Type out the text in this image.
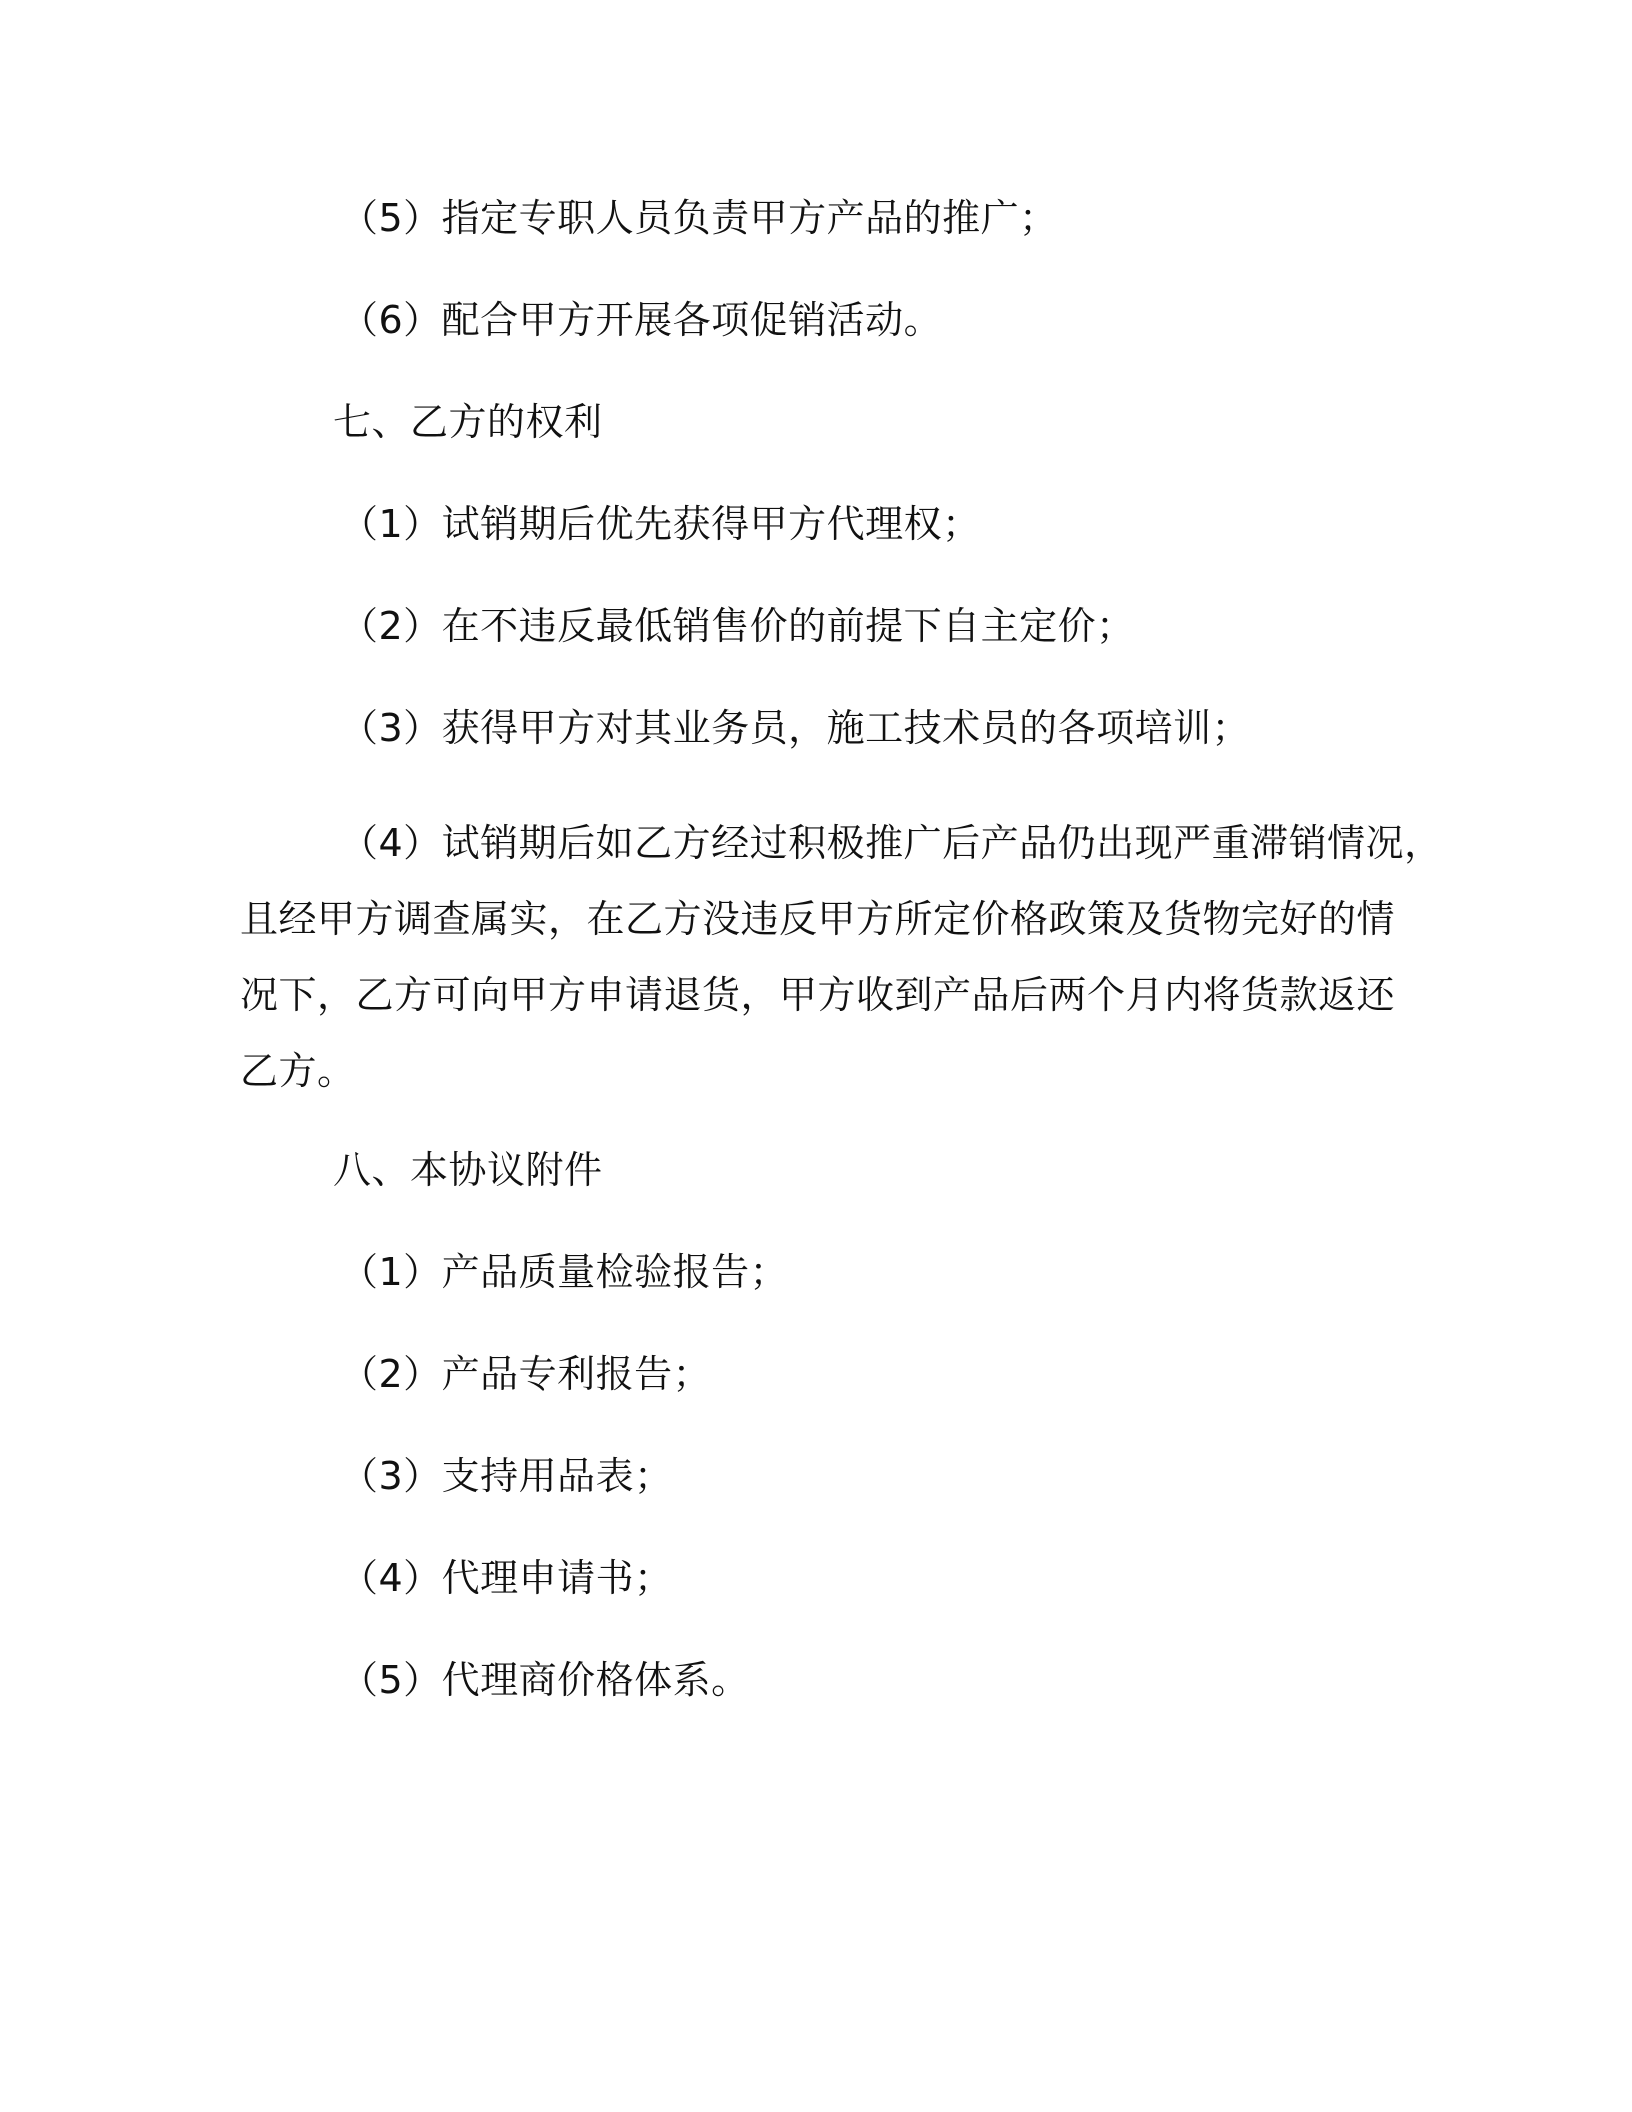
（5）指定专职人员负责甲方产品的推广；
（6）配合甲方开展各项促销活动。
七、乙方的权利
（1）试销期后优先获得甲方代理权；
（2）在不违反最低销售价的前提下自主定价；
（3）获得甲方对其业务员，施工技术员的各项培训；
（4）试销期后如乙方经过积极推广后产品仍出现严重滞销情况，
且经甲方调查属实，在乙方没违反甲方所定价格政策及货物完好的情
况下，乙方可向甲方申请退货，甲方收到产品后两个月内将货款返还
乙方。
八、本协议附件
（1）产品质量检验报告；
（2）产品专利报告；
（3）支持用品表；
（4）代理申请书；
（5）代理商价格体系。
